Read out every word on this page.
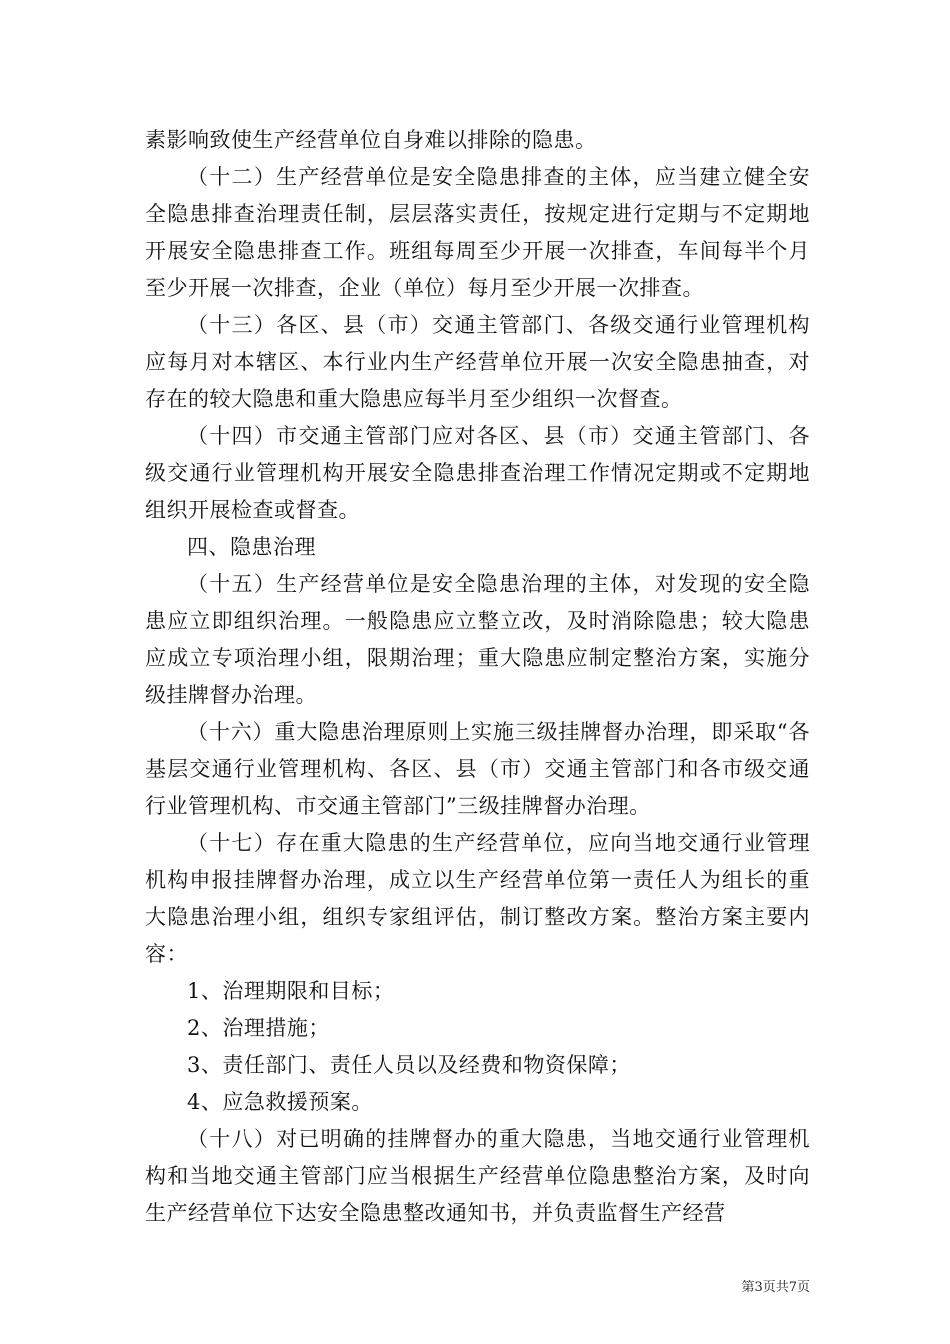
素影响致使生产经营单位自身难以排除的隐患。

（十二）生产经营单位是安全隐患排查的主体，应当建立健全安全隐患排查治理责任制，层层落实责任，按规定进行定期与不定期地开展安全隐患排查工作。班组每周至少开展一次排查，车间每半个月至少开展一次排查，企业（单位）每月至少开展一次排查。

（十三）各区、县（市）交通主管部门、各级交通行业管理机构应每月对本辖区、本行业内生产经营单位开展一次安全隐患抽查，对存在的较大隐患和重大隐患应每半月至少组织一次督查。

（十四）市交通主管部门应对各区、县（市）交通主管部门、各级交通行业管理机构开展安全隐患排查治理工作情况定期或不定期地组织开展检查或督查。

四、隐患治理

（十五）生产经营单位是安全隐患治理的主体，对发现的安全隐患应立即组织治理。一般隐患应立整立改，及时消除隐患；较大隐患应成立专项治理小组，限期治理；重大隐患应制定整治方案，实施分级挂牌督办治理。

（十六）重大隐患治理原则上实施三级挂牌督办治理，即采取“各基层交通行业管理机构、各区、县（市）交通主管部门和各市级交通行业管理机构、市交通主管部门”三级挂牌督办治理。

（十七）存在重大隐患的生产经营单位，应向当地交通行业管理机构申报挂牌督办治理，成立以生产经营单位第一责任人为组长的重大隐患治理小组，组织专家组评估，制订整改方案。整治方案主要内容：

1、治理期限和目标；

2、治理措施；

3、责任部门、责任人员以及经费和物资保障；

4、应急救援预案。

（十八）对已明确的挂牌督办的重大隐患，当地交通行业管理机构和当地交通主管部门应当根据生产经营单位隐患整治方案，及时向生产经营单位下达安全隐患整改通知书，并负责监督生产经营

第3页共7页
